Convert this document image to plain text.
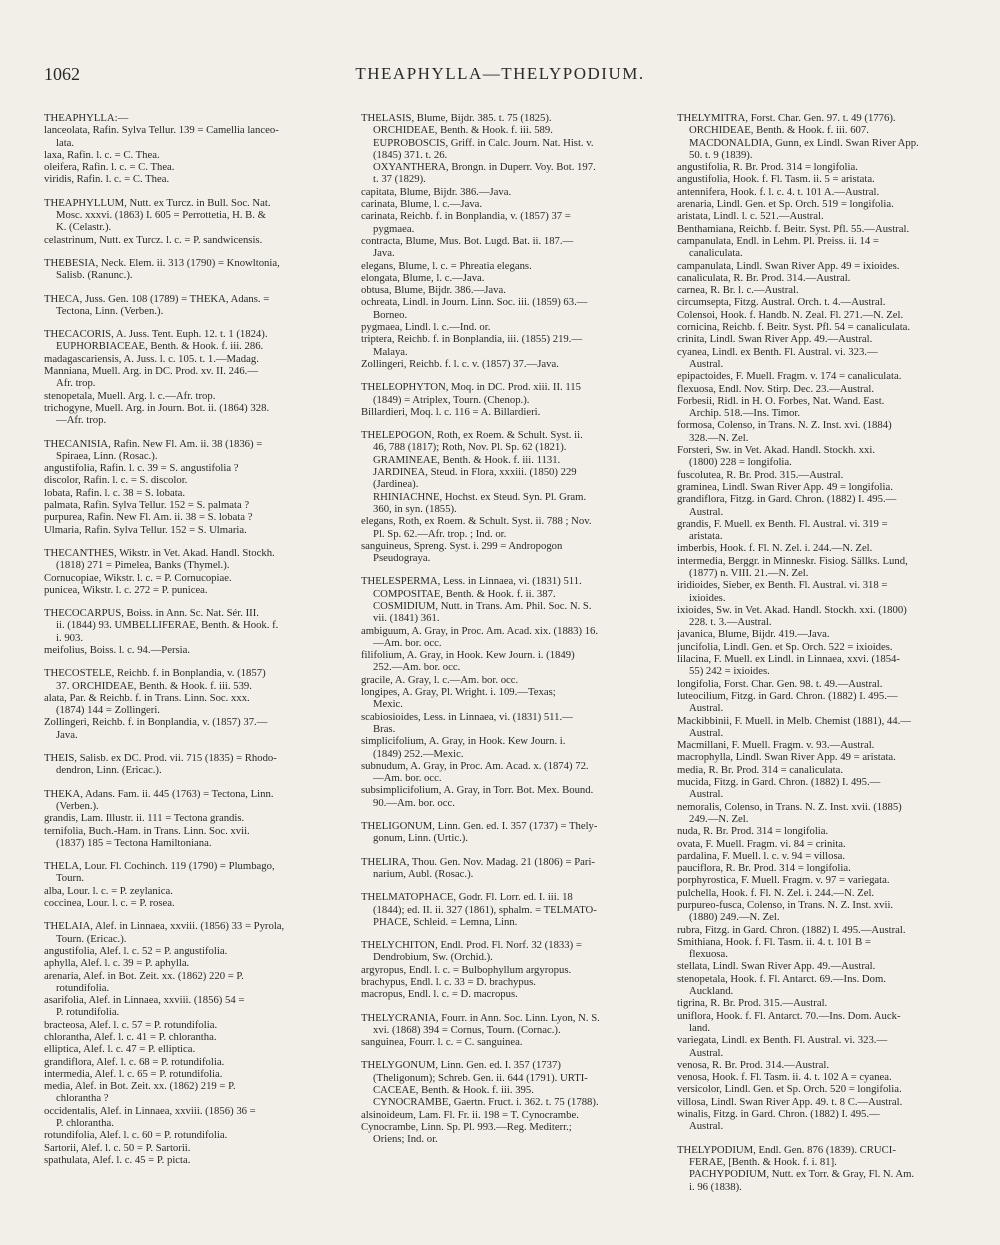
1062	THEAPHYLLA—THELYPODIUM.
THEAPHYLLA:—
lanceolata, Rafin. Sylva Tellur. 139 = Camellia lanceo-
lata.
laxa, Rafin. l. c. = C. Thea.
oleifera, Rafin. l. c. = C. Thea.
viridis, Rafin. l. c. = C. Thea.
THEAPHYLLUM, Nutt. ex Turcz. in Bull. Soc. Nat.
Mosc. xxxvi. (1863) I. 605 = Perrottetia, H. B. &
K. (Celastr.).
celastrinum, Nutt. ex Turcz. l. c. = P. sandwicensis.
THEBESIA, Neck. Elem. ii. 313 (1790) = Knowltonia,
Salisb. (Ranunc.).
THECA, Juss. Gen. 108 (1789) = THEKA, Adans. =
Tectona, Linn. (Verben.).
THECACORIS, A. Juss. Tent. Euph. 12. t. 1 (1824).
EUPHORBIACEAE, Benth. & Hook. f. iii. 286.
madagascariensis, A. Juss. l. c. 105. t. 1.—Madag.
Manniana, Muell. Arg. in DC. Prod. xv. II. 246.—
Afr. trop.
stenopetala, Muell. Arg. l. c.—Afr. trop.
trichogyne, Muell. Arg. in Journ. Bot. ii. (1864) 328.
—Afr. trop.
THECANISIA, Rafin. New Fl. Am. ii. 38 (1836) =
Spiraea, Linn. (Rosac.).
angustifolia, Rafin. l. c. 39 = S. angustifolia ?
discolor, Rafin. l. c. = S. discolor.
lobata, Rafin. l. c. 38 = S. lobata.
palmata, Rafin. Sylva Tellur. 152 = S. palmata ?
purpurea, Rafin. New Fl. Am. ii. 38 = S. lobata ?
Ulmaria, Rafin. Sylva Tellur. 152 = S. Ulmaria.
THECANTHES, Wikstr. in Vet. Akad. Handl. Stockh.
(1818) 271 = Pimelea, Banks (Thymel.).
Cornucopiae, Wikstr. l. c. = P. Cornucopiae.
punicea, Wikstr. l. c. 272 = P. punicea.
THECOCARPUS, Boiss. in Ann. Sc. Nat. Sér. III.
ii. (1844) 93. UMBELLIFERAE, Benth. & Hook. f.
i. 903.
meifolius, Boiss. l. c. 94.—Persia.
THECOSTELE, Reichb. f. in Bonplandia, v. (1857)
37. ORCHIDEAE, Benth. & Hook. f. iii. 539.
alata, Par. & Reichb. f. in Trans. Linn. Soc. xxx.
(1874) 144 = Zollingeri.
Zollingeri, Reichb. f. in Bonplandia, v. (1857) 37.—
Java.
THEIS, Salisb. ex DC. Prod. vii. 715 (1835) = Rhodo-
dendron, Linn. (Ericac.).
THEKA, Adans. Fam. ii. 445 (1763) = Tectona, Linn.
(Verben.).
grandis, Lam. Illustr. ii. 111 = Tectona grandis.
ternifolia, Buch.-Ham. in Trans. Linn. Soc. xvii.
(1837) 185 = Tectona Hamiltoniana.
THELA, Lour. Fl. Cochinch. 119 (1790) = Plumbago,
Tourn.
alba, Lour. l. c. = P. zeylanica.
coccinea, Lour. l. c. = P. rosea.
THELAIA, Alef. in Linnaea, xxviii. (1856) 33 = Pyrola,
Tourn. (Ericac.).
angustifolia, Alef. l. c. 52 = P. angustifolia.
aphylla, Alef. l. c. 39 = P. aphylla.
arenaria, Alef. in Bot. Zeit. xx. (1862) 220 = P.
rotundifolia.
asarifolia, Alef. in Linnaea, xxviii. (1856) 54 =
P. rotundifolia.
bracteosa, Alef. l. c. 57 = P. rotundifolia.
chlorantha, Alef. l. c. 41 = P. chlorantha.
elliptica, Alef. l. c. 47 = P. elliptica.
grandiflora, Alef. l. c. 68 = P. rotundifolia.
intermedia, Alef. l. c. 65 = P. rotundifolia.
media, Alef. in Bot. Zeit. xx. (1862) 219 = P.
chlorantha ?
occidentalis, Alef. in Linnaea, xxviii. (1856) 36 =
P. chlorantha.
rotundifolia, Alef. l. c. 60 = P. rotundifolia.
Sartorii, Alef. l. c. 50 = P. Sartorii.
spathulata, Alef. l. c. 45 = P. picta.
THELASIS, Blume, Bijdr. 385. t. 75 (1825).
ORCHIDEAE, Benth. & Hook. f. iii. 589.
EUPROBOSCIS, Griff. in Calc. Journ. Nat. Hist. v.
(1845) 371. t. 26.
OXYANTHERA, Brongn. in Duperr. Voy. Bot. 197.
t. 37 (1829).
capitata, Blume, Bijdr. 386.—Java.
carinata, Blume, l. c.—Java.
carinata, Reichb. f. in Bonplandia, v. (1857) 37 =
pygmaea.
contracta, Blume, Mus. Bot. Lugd. Bat. ii. 187.—
Java.
elegans, Blume, l. c. = Phreatia elegans.
elongata, Blume, l. c.—Java.
obtusa, Blume, Bijdr. 386.—Java.
ochreata, Lindl. in Journ. Linn. Soc. iii. (1859) 63.—
Borneo.
pygmaea, Lindl. l. c.—Ind. or.
triptera, Reichb. f. in Bonplandia, iii. (1855) 219.—
Malaya.
Zollingeri, Reichb. f. l. c. v. (1857) 37.—Java.
THELEOPHYTON, Moq. in DC. Prod. xiii. II. 115
(1849) = Atriplex, Tourn. (Chenop.).
Billardieri, Moq. l. c. 116 = A. Billardieri.
THELEPOGON, Roth, ex Roem. & Schult. Syst. ii.
46, 788 (1817); Roth, Nov. Pl. Sp. 62 (1821).
GRAMINEAE, Benth. & Hook. f. iii. 1131.
JARDINEA, Steud. in Flora, xxxiii. (1850) 229
(Jardinea).
RHINIACHNE, Hochst. ex Steud. Syn. Pl. Gram.
360, in syn. (1855).
elegans, Roth, ex Roem. & Schult. Syst. ii. 788 ; Nov.
Pl. Sp. 62.—Afr. trop. ; Ind. or.
sanguineus, Spreng. Syst. i. 299 = Andropogon
Pseudograya.
THELESPERMA, Less. in Linnaea, vi. (1831) 511.
COMPOSITAE, Benth. & Hook. f. ii. 387.
COSMIDIUM, Nutt. in Trans. Am. Phil. Soc. N. S.
vii. (1841) 361.
ambiguum, A. Gray, in Proc. Am. Acad. xix. (1883) 16.
—Am. bor. occ.
filifolium, A. Gray, in Hook. Kew Journ. i. (1849)
252.—Am. bor. occ.
gracile, A. Gray, l. c.—Am. bor. occ.
longipes, A. Gray, Pl. Wright. i. 109.—Texas;
Mexic.
scabiosioides, Less. in Linnaea, vi. (1831) 511.—
Bras.
simplicifolium, A. Gray, in Hook. Kew Journ. i.
(1849) 252.—Mexic.
subnudum, A. Gray, in Proc. Am. Acad. x. (1874) 72.
—Am. bor. occ.
subsimplicifolium, A. Gray, in Torr. Bot. Mex. Bound.
90.—Am. bor. occ.
THELIGONUM, Linn. Gen. ed. I. 357 (1737) = Thely-
gonum, Linn. (Urtic.).
THELIRA, Thou. Gen. Nov. Madag. 21 (1806) = Pari-
narium, Aubl. (Rosac.).
THELMATOPHACE, Godr. Fl. Lorr. ed. I. iii. 18
(1844); ed. II. ii. 327 (1861), sphalm. = TELMATO-
PHACE, Schleid. = Lemna, Linn.
THELYCHITON, Endl. Prod. Fl. Norf. 32 (1833) =
Dendrobium, Sw. (Orchid.).
argyropus, Endl. l. c. = Bulbophyllum argyropus.
brachypus, Endl. l. c. 33 = D. brachypus.
macropus, Endl. l. c. = D. macropus.
THELYCRANIA, Fourr. in Ann. Soc. Linn. Lyon, N. S.
xvi. (1868) 394 = Cornus, Tourn. (Cornac.).
sanguinea, Fourr. l. c. = C. sanguinea.
THELYGONUM, Linn. Gen. ed. I. 357 (1737)
(Theligonum); Schreb. Gen. ii. 644 (1791). URTI-
CACEAE, Benth. & Hook. f. iii. 395.
CYNOCRAMBE, Gaertn. Fruct. i. 362. t. 75 (1788).
alsinoideum, Lam. Fl. Fr. ii. 198 = T. Cynocrambe.
Cynocrambe, Linn. Sp. Pl. 993.—Reg. Mediterr.;
Oriens; Ind. or.
THELYMITRA, Forst. Char. Gen. 97. t. 49 (1776).
ORCHIDEAE, Benth. & Hook. f. iii. 607.
MACDONALDIA, Gunn, ex Lindl. Swan River App.
50. t. 9 (1839).
angustifolia, R. Br. Prod. 314 = longifolia.
angustifolia, Hook. f. Fl. Tasm. ii. 5 = aristata.
antennifera, Hook. f. l. c. 4. t. 101 A.—Austral.
arenaria, Lindl. Gen. et Sp. Orch. 519 = longifolia.
aristata, Lindl. l. c. 521.—Austral.
Benthamiana, Reichb. f. Beitr. Syst. Pfl. 55.—Austral.
campanulata, Endl. in Lehm. Pl. Preiss. ii. 14 =
canaliculata.
campanulata, Lindl. Swan River App. 49 = ixioides.
canaliculata, R. Br. Prod. 314.—Austral.
carnea, R. Br. l. c.—Austral.
circumsepta, Fitzg. Austral. Orch. t. 4.—Austral.
Colensoi, Hook. f. Handb. N. Zeal. Fl. 271.—N. Zel.
cornicina, Reichb. f. Beitr. Syst. Pfl. 54 = canaliculata.
crinita, Lindl. Swan River App. 49.—Austral.
cyanea, Lindl. ex Benth. Fl. Austral. vi. 323.—
Austral.
epipactoides, F. Muell. Fragm. v. 174 = canaliculata.
flexuosa, Endl. Nov. Stirp. Dec. 23.—Austral.
Forbesii, Ridl. in H. O. Forbes, Nat. Wand. East.
Archip. 518.—Ins. Timor.
formosa, Colenso, in Trans. N. Z. Inst. xvi. (1884)
328.—N. Zel.
Forsteri, Sw. in Vet. Akad. Handl. Stockh. xxi.
(1800) 228 = longifolia.
fuscolutea, R. Br. Prod. 315.—Austral.
graminea, Lindl. Swan River App. 49 = longifolia.
grandiflora, Fitzg. in Gard. Chron. (1882) I. 495.—
Austral.
grandis, F. Muell. ex Benth. Fl. Austral. vi. 319 =
aristata.
imberbis, Hook. f. Fl. N. Zel. i. 244.—N. Zel.
intermedia, Berggr. in Minneskr. Fisiog. Sällks. Lund,
(1877) n. VIII. 21.—N. Zel.
iridioides, Sieber, ex Benth. Fl. Austral. vi. 318 =
ixioides.
ixioides, Sw. in Vet. Akad. Handl. Stockh. xxi. (1800)
228. t. 3.—Austral.
javanica, Blume, Bijdr. 419.—Java.
juncifolia, Lindl. Gen. et Sp. Orch. 522 = ixioides.
lilacina, F. Muell. ex Lindl. in Linnaea, xxvi. (1854-
55) 242 = ixioides.
longifolia, Forst. Char. Gen. 98. t. 49.—Austral.
luteocilium, Fitzg. in Gard. Chron. (1882) I. 495.—
Austral.
Mackibbinii, F. Muell. in Melb. Chemist (1881), 44.—
Austral.
Macmillani, F. Muell. Fragm. v. 93.—Austral.
macrophylla, Lindl. Swan River App. 49 = aristata.
media, R. Br. Prod. 314 = canaliculata.
mucida, Fitzg. in Gard. Chron. (1882) I. 495.—
Austral.
nemoralis, Colenso, in Trans. N. Z. Inst. xvii. (1885)
249.—N. Zel.
nuda, R. Br. Prod. 314 = longifolia.
ovata, F. Muell. Fragm. vi. 84 = crinita.
pardalina, F. Muell. l. c. v. 94 = villosa.
pauciflora, R. Br. Prod. 314 = longifolia.
porphyrostica, F. Muell. Fragm. v. 97 = variegata.
pulchella, Hook. f. Fl. N. Zel. i. 244.—N. Zel.
purpureo-fusca, Colenso, in Trans. N. Z. Inst. xvii.
(1880) 249.—N. Zel.
rubra, Fitzg. in Gard. Chron. (1882) I. 495.—Austral.
Smithiana, Hook. f. Fl. Tasm. ii. 4. t. 101 B =
flexuosa.
stellata, Lindl. Swan River App. 49.—Austral.
stenopetala, Hook. f. Fl. Antarct. 69.—Ins. Dom.
Auckland.
tigrina, R. Br. Prod. 315.—Austral.
uniflora, Hook. f. Fl. Antarct. 70.—Ins. Dom. Auck-
land.
variegata, Lindl. ex Benth. Fl. Austral. vi. 323.—
Austral.
venosa, R. Br. Prod. 314.—Austral.
venosa, Hook. f. Fl. Tasm. ii. 4. t. 102 A = cyanea.
versicolor, Lindl. Gen. et Sp. Orch. 520 = longifolia.
villosa, Lindl. Swan River App. 49. t. 8 C.—Austral.
winalis, Fitzg. in Gard. Chron. (1882) I. 495.—
Austral.
THELYPODIUM, Endl. Gen. 876 (1839). CRUCI-
FERAE, [Benth. & Hook. f. i. 81].
PACHYPODIUM, Nutt. ex Torr. & Gray, Fl. N. Am.
i. 96 (1838).
